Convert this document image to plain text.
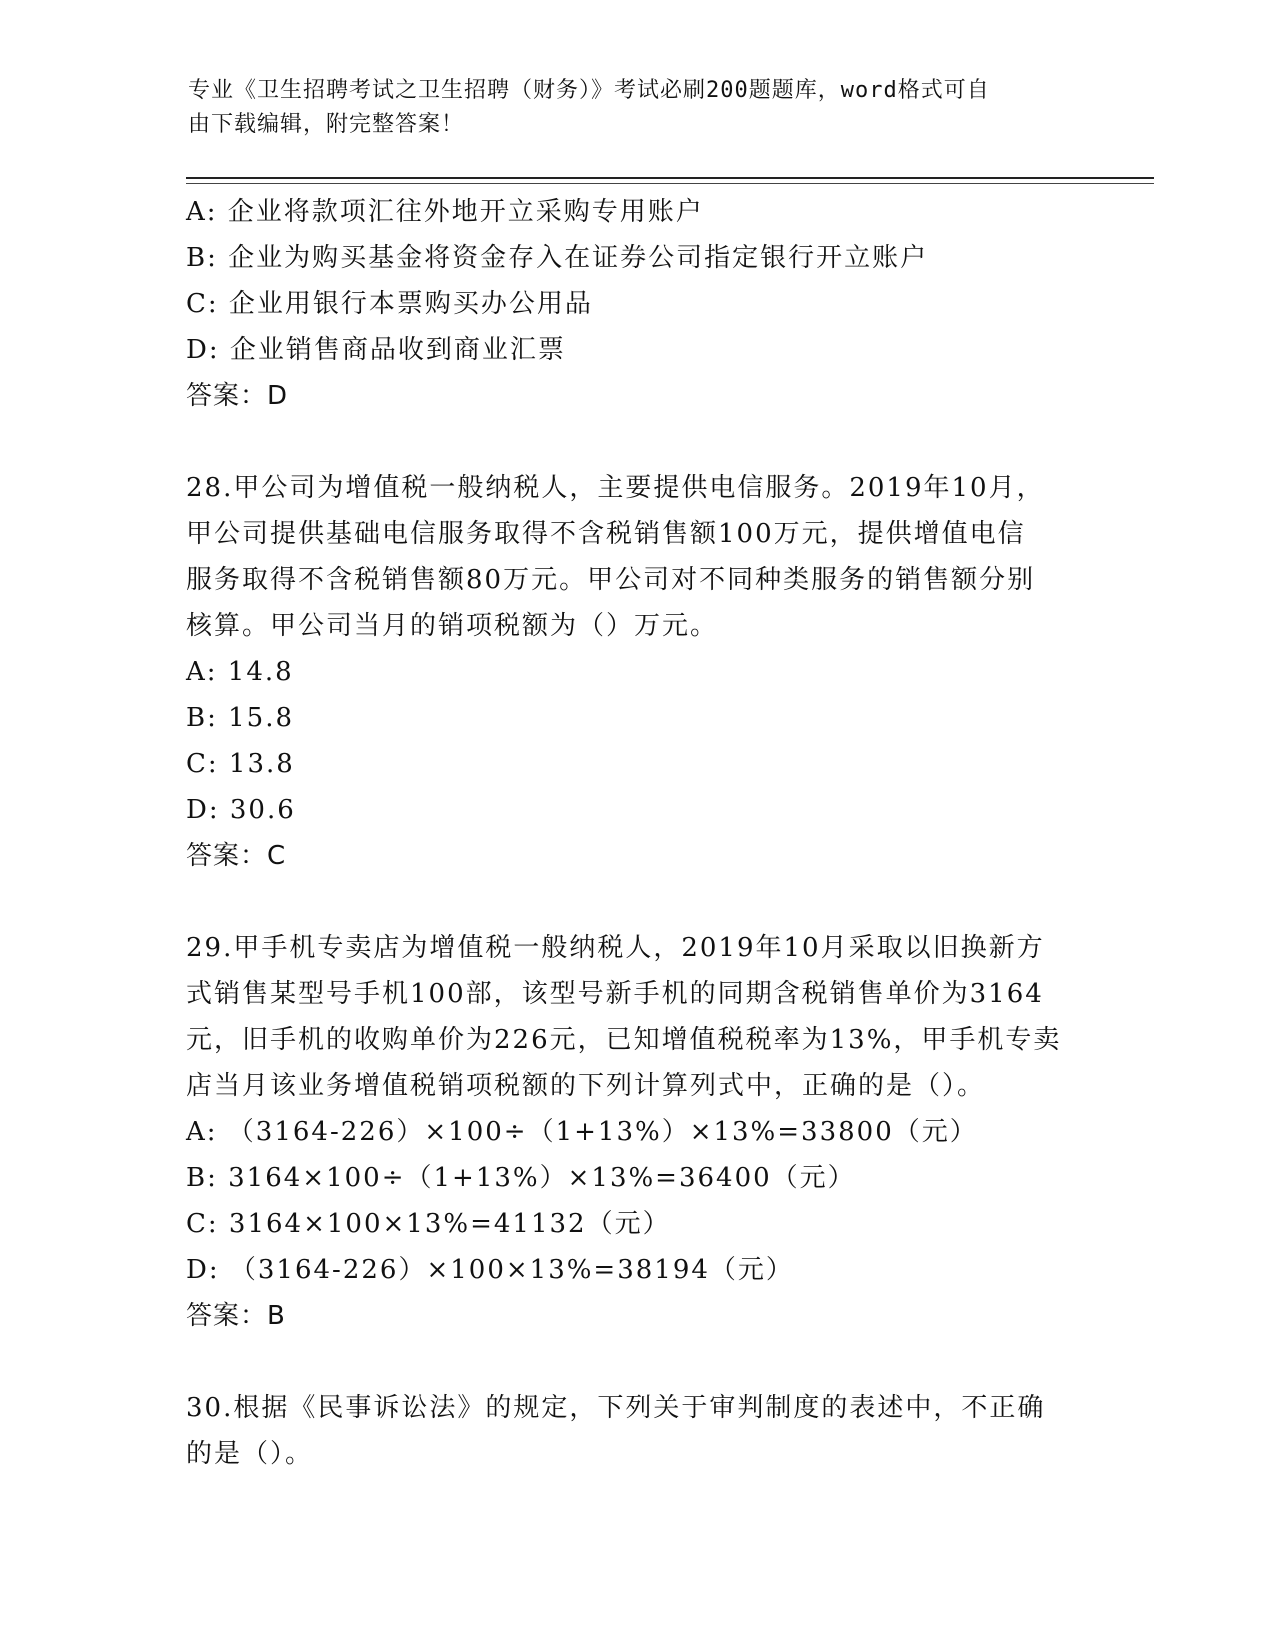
专业《卫生招聘考试之卫生招聘（财务）》考试必刷200题题库，word格式可自
由下载编辑，附完整答案！
A: 企业将款项汇往外地开立采购专用账户
B: 企业为购买基金将资金存入在证券公司指定银行开立账户
C: 企业用银行本票购买办公用品
D: 企业销售商品收到商业汇票
答案：D
28.甲公司为增值税一般纳税人，主要提供电信服务。2019年10月，
甲公司提供基础电信服务取得不含税销售额100万元，提供增值电信
服务取得不含税销售额80万元。甲公司对不同种类服务的销售额分别
核算。甲公司当月的销项税额为（）万元。
A: 14.8
B: 15.8
C: 13.8
D: 30.6
答案：C
29.甲手机专卖店为增值税一般纳税人，2019年10月采取以旧换新方
式销售某型号手机100部，该型号新手机的同期含税销售单价为3164
元，旧手机的收购单价为226元，已知增值税税率为13%，甲手机专卖
店当月该业务增值税销项税额的下列计算列式中，正确的是（）。
A: （3164-226）×100÷（1+13%）×13%=33800（元）
B: 3164×100÷（1+13%）×13%=36400（元）
C: 3164×100×13%=41132（元）
D: （3164-226）×100×13%=38194（元）
答案：B
30.根据《民事诉讼法》的规定，下列关于审判制度的表述中，不正确
的是（）。
